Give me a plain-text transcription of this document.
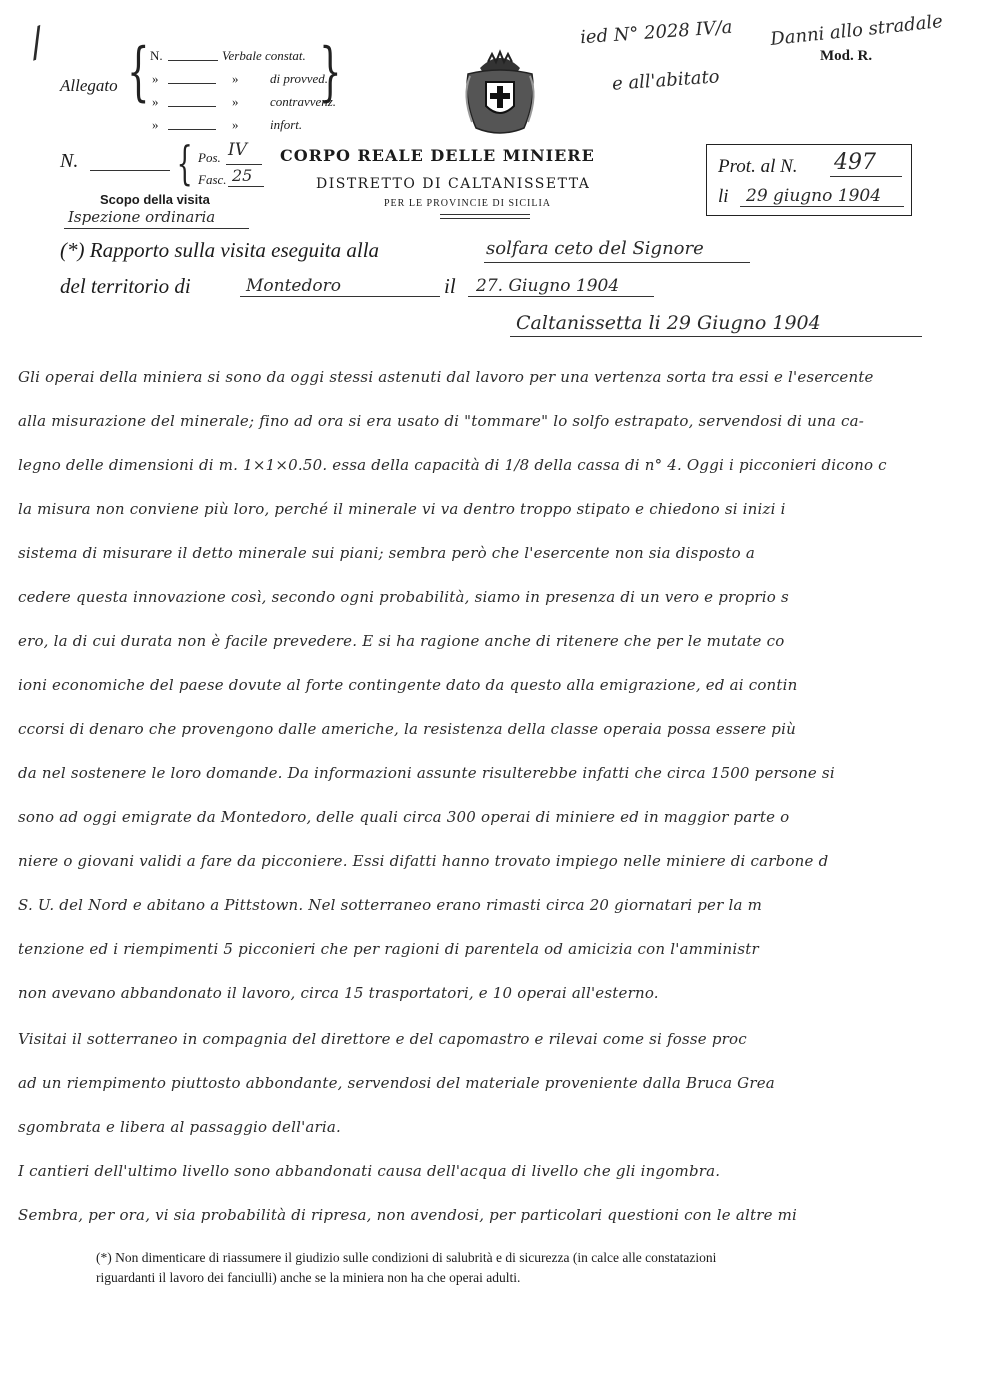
/	ied N° 2028 IV/a Danni allo stradale
e all'abitato
Mod. R.
Allegato {	}
N.	Verbale constat.
»	» di provved.
»	» contravvenz.
»	» infort.
N. { Pos. IV
Fasc. 25
Scopo della visita
Ispezione ordinaria
CORPO REALE DELLE MINIERE
DISTRETTO DI CALTANISSETTA
PER LE PROVINCIE DI SICILIA
Prot. al N. 497
li 29 giugno 1904
(*) Rapporto sulla visita eseguita alla	solfara ceto del Signore
del territorio di	Montedoro	il 27. Giugno 1904
Caltanissetta li 29 Giugno 1904
Gli operai della miniera si sono da oggi stessi astenuti dal lavoro per una vertenza sorta tra essi e l'esercente
alla misurazione del minerale; fino ad ora si era usato di "tommare" lo solfo estrapato, servendosi di una ca-
legno delle dimensioni di m. 1×1×0.50. essa della capacità di 1/8 della cassa di n° 4. Oggi i picconieri dicono c
la misura non conviene più loro, perché il minerale vi va dentro troppo stipato e chiedono si inizi i
sistema di misurare il detto minerale sui piani; sembra però che l'esercente non sia disposto a
cedere questa innovazione così, secondo ogni probabilità, siamo in presenza di un vero e proprio s
ero, la di cui durata non è facile prevedere. E si ha ragione anche di ritenere che per le mutate co
ioni economiche del paese dovute al forte contingente dato da questo alla emigrazione, ed ai contin
ccorsi di denaro che provengono dalle americhe, la resistenza della classe operaia possa essere più
da nel sostenere le loro domande. Da informazioni assunte risulterebbe infatti che circa 1500 persone si
sono ad oggi emigrate da Montedoro, delle quali circa 300 operai di miniere ed in maggior parte o
niere o giovani validi a fare da picconiere. Essi difatti hanno trovato impiego nelle miniere di carbone d
S. U. del Nord e abitano a Pittstown. Nel sotterraneo erano rimasti circa 20 giornatari per la m
tenzione ed i riempimenti 5 picconieri che per ragioni di parentela od amicizia con l'amministr
non avevano abbandonato il lavoro, circa 15 trasportatori, e 10 operai all'esterno.
Visitai il sotterraneo in compagnia del direttore e del capomastro e rilevai come si fosse proc
ad un riempimento piuttosto abbondante, servendosi del materiale proveniente dalla Bruca Grea
sgombrata e libera al passaggio dell'aria.
I cantieri dell'ultimo livello sono abbandonati causa dell'acqua di livello che gli ingombra.
Sembra, per ora, vi sia probabilità di ripresa, non avendosi, per particolari questioni con le altre mi
(*) Non dimenticare di riassumere il giudizio sulle condizioni di salubrità e di sicurezza (in calce alle constatazioni
riguardanti il lavoro dei fanciulli) anche se la miniera non ha che operai adulti.
